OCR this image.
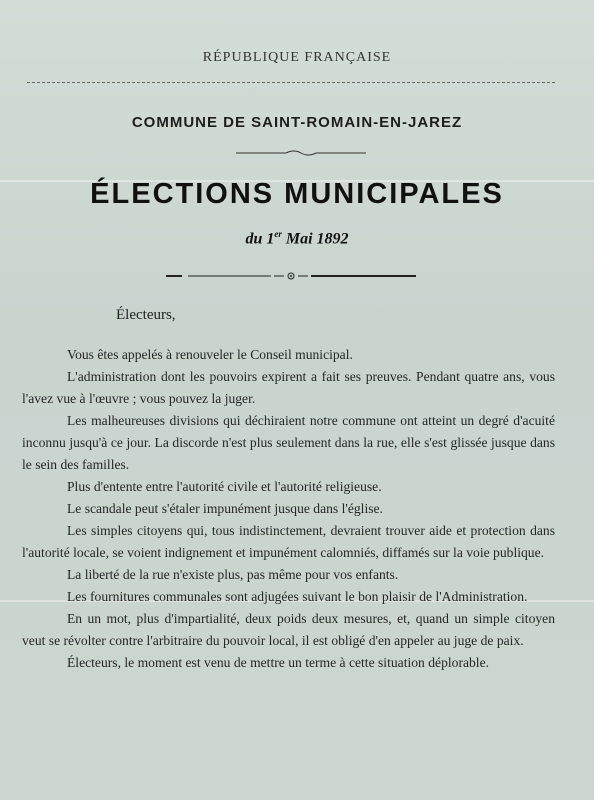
RÉPUBLIQUE FRANÇAISE
COMMUNE DE SAINT-ROMAIN-EN-JAREZ
ÉLECTIONS MUNICIPALES
du 1er Mai 1892
Électeurs,

Vous êtes appelés à renouveler le Conseil municipal.

L'administration dont les pouvoirs expirent a fait ses preuves. Pendant quatre ans, vous l'avez vue à l'œuvre ; vous pouvez la juger.

Les malheureuses divisions qui déchiraient notre commune ont atteint un degré d'acuité inconnu jusqu'à ce jour. La discorde n'est plus seulement dans la rue, elle s'est glissée jusque dans le sein des familles.

Plus d'entente entre l'autorité civile et l'autorité religieuse.

Le scandale peut s'étaler impunément jusque dans l'église.

Les simples citoyens qui, tous indistinctement, devraient trouver aide et protection dans l'autorité locale, se voient indignement et impunément calomniés, diffamés sur la voie publique.

La liberté de la rue n'existe plus, pas même pour vos enfants.

Les fournitures communales sont adjugées suivant le bon plaisir de l'Administration.

En un mot, plus d'impartialité, deux poids deux mesures, et, quand un simple citoyen veut se révolter contre l'arbitraire du pouvoir local, il est obligé d'en appeler au juge de paix.

Électeurs, le moment est venu de mettre un terme à cette situation déplorable.
